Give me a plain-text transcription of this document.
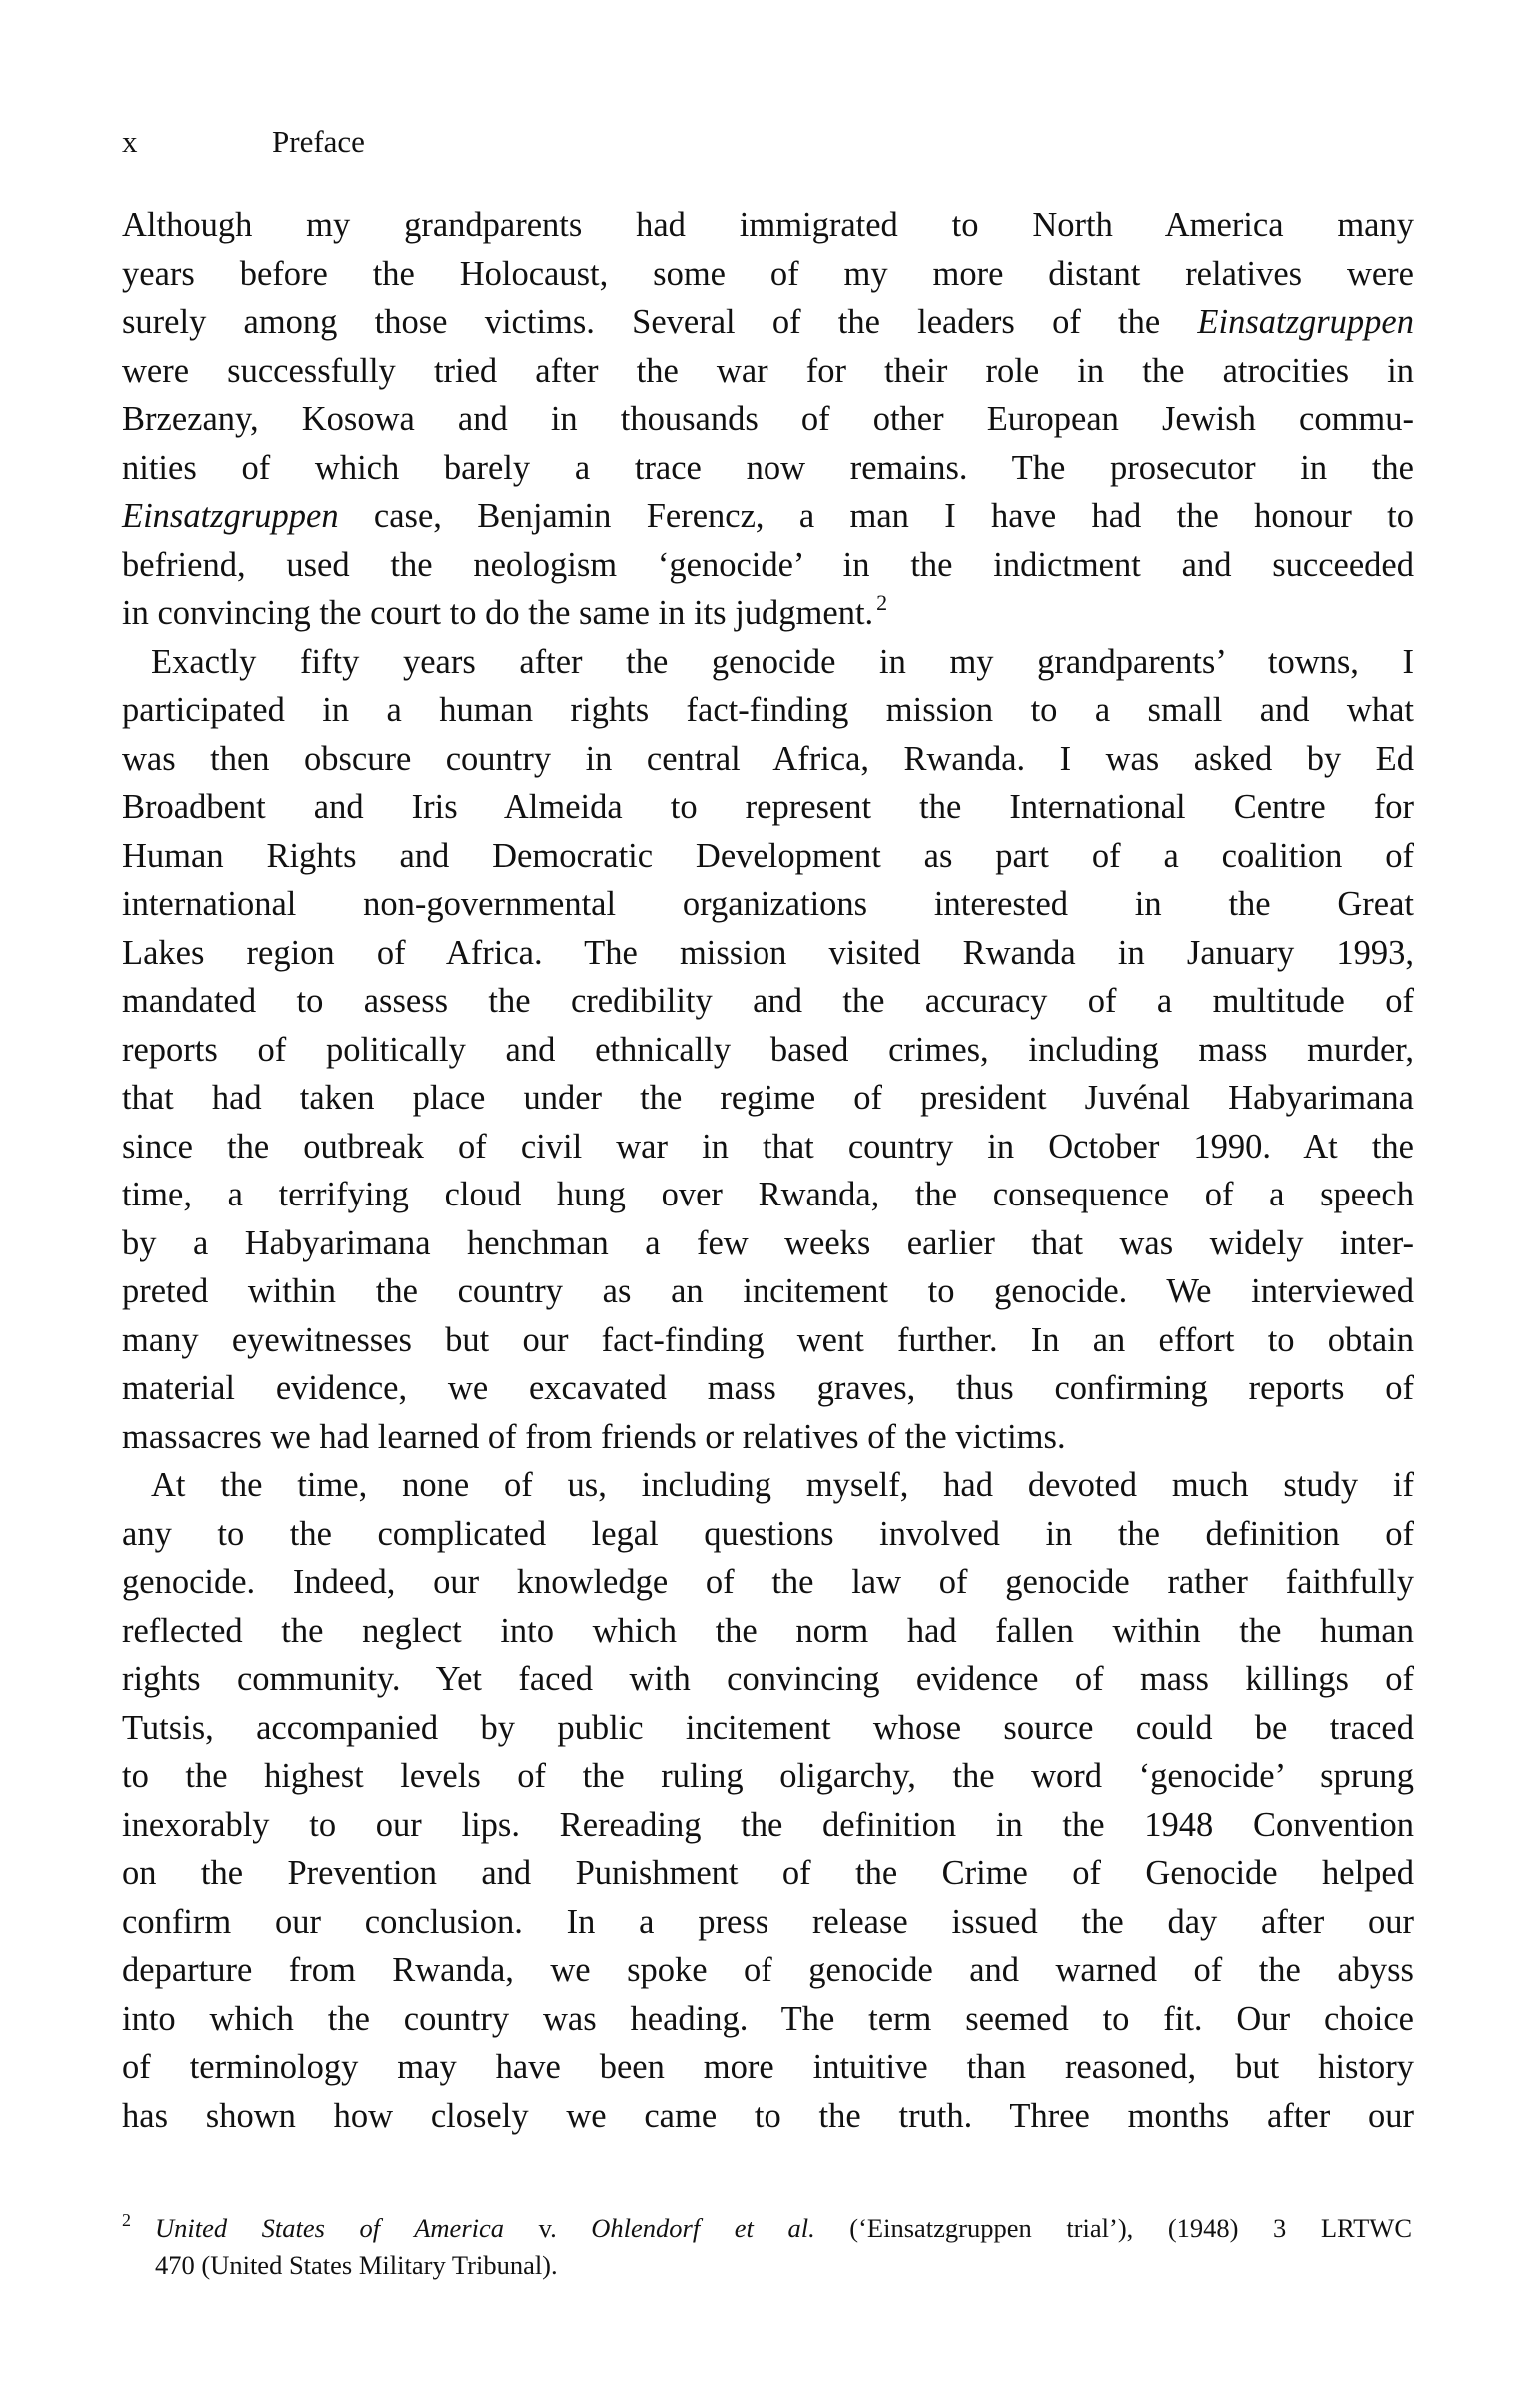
x	Preface
Although my grandparents had immigrated to North America many
years before the Holocaust, some of my more distant relatives were
surely among those victims. Several of the leaders of the Einsatzgruppen
were successfully tried after the war for their role in the atrocities in
Brzezany, Kosowa and in thousands of other European Jewish commu-
nities of which barely a trace now remains. The prosecutor in the
Einsatzgruppen case, Benjamin Ferencz, a man I have had the honour to
befriend, used the neologism ‘genocide’ in the indictment and succeeded
in convincing the court to do the same in its judgment. $^2$
Exactly fifty years after the genocide in my grandparents’ towns, I
participated in a human rights fact-finding mission to a small and what
was then obscure country in central Africa, Rwanda. I was asked by Ed
Broadbent and Iris Almeida to represent the International Centre for
Human Rights and Democratic Development as part of a coalition of
international non-governmental organizations interested in the Great
Lakes region of Africa. The mission visited Rwanda in January 1993,
mandated to assess the credibility and the accuracy of a multitude of
reports of politically and ethnically based crimes, including mass murder,
that had taken place under the regime of president Juvénal Habyarimana
since the outbreak of civil war in that country in October 1990. At the
time, a terrifying cloud hung over Rwanda, the consequence of a speech
by a Habyarimana henchman a few weeks earlier that was widely inter-
preted within the country as an incitement to genocide. We interviewed
many eyewitnesses but our fact-finding went further. In an effort to obtain
material evidence, we excavated mass graves, thus confirming reports of
massacres we had learned of from friends or relatives of the victims.
At the time, none of us, including myself, had devoted much study if
any to the complicated legal questions involved in the definition of
genocide. Indeed, our knowledge of the law of genocide rather faithfully
reflected the neglect into which the norm had fallen within the human
rights community. Yet faced with convincing evidence of mass killings of
Tutsis, accompanied by public incitement whose source could be traced
to the highest levels of the ruling oligarchy, the word ‘genocide’ sprung
inexorably to our lips. Rereading the definition in the 1948 Convention
on the Prevention and Punishment of the Crime of Genocide helped
confirm our conclusion. In a press release issued the day after our
departure from Rwanda, we spoke of genocide and warned of the abyss
into which the country was heading. The term seemed to fit. Our choice
of terminology may have been more intuitive than reasoned, but history
has shown how closely we came to the truth. Three months after our
2 United States of America v. Ohlendorf et al. (‘Einsatzgruppen trial’), (1948) 3 LRTWC
470 (United States Military Tribunal).
